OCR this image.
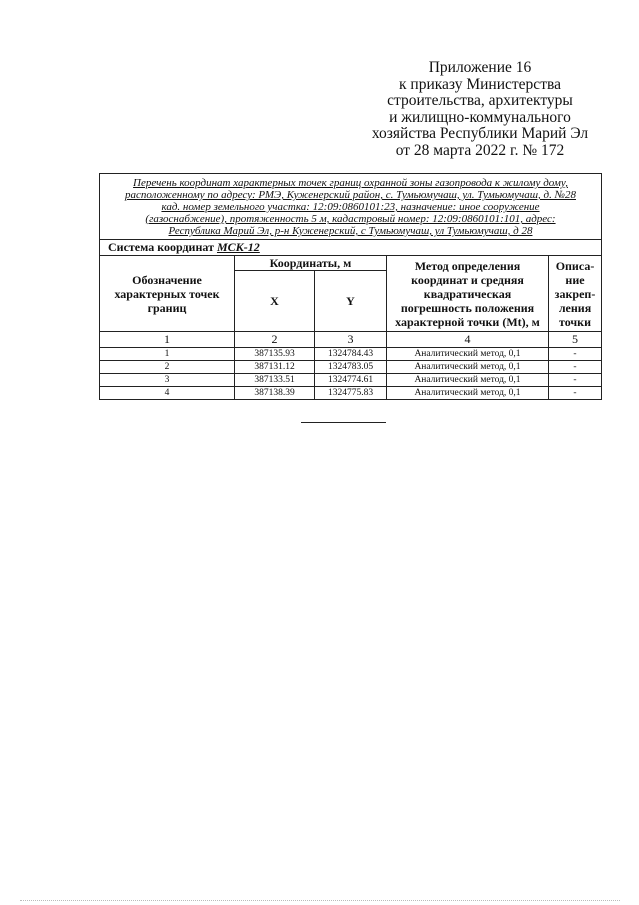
Приложение 16
к приказу Министерства
строительства, архитектуры
и жилищно-коммунального
хозяйства Республики Марий Эл
от 28 марта 2022 г. № 172
Перечень координат характерных точек границ охранной зоны газопровода к жилому дому,
расположенному по адресу: РМЭ, Куженерский район, с. Тумьюмучаш, ул. Тумьюмучаш, д. №28
кад. номер земельного участка: 12:09:0860101:23, назначение: иное сооружение
(газоснабжение), протяженность 5 м, кадастровый номер: 12:09:0860101:101, адрес:
Республика Марий Эл, р-н Куженерский, с Тумьюмучаш, ул Тумьюмучаш, д 28				

Система координат МСК-12				
Обозначение характерных точек границ	Координаты, м		Метод определения координат и средняя квадратическая погрешность положения характерной точки (Mt), м	Описа-ние закреп-ления точки
	X	Y		
1	2	3	4	5
1	387135.93	1324784.43	Аналитический метод, 0,1	-
2	387131.12	1324783.05	Аналитический метод, 0,1	-
3	387133.51	1324774.61	Аналитический метод, 0,1	-
4	387138.39	1324775.83	Аналитический метод, 0,1	-
